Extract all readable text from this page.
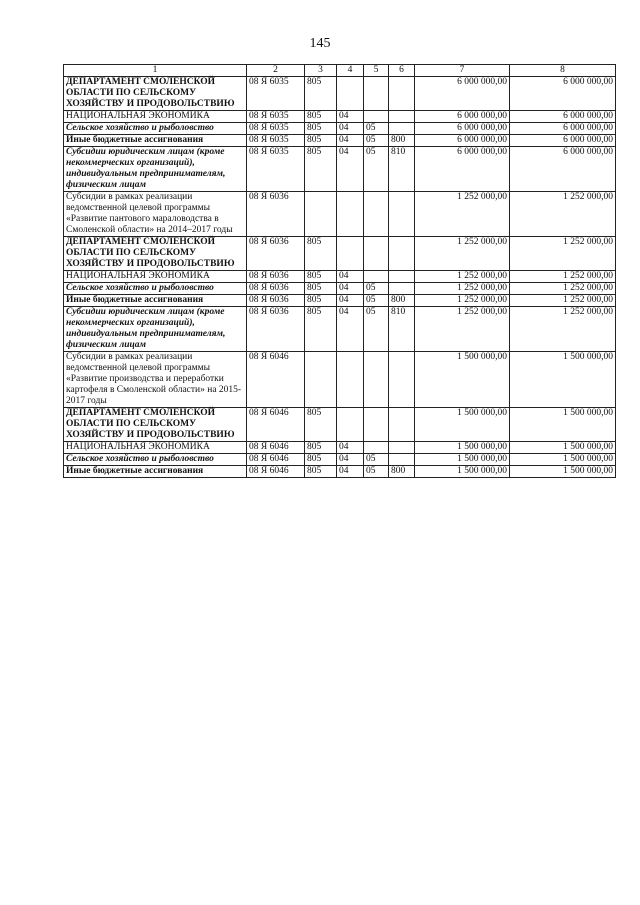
145
1	2	3	4	5	6	7	8
ДЕПАРТАМЕНТ СМОЛЕНСКОЙ ОБЛАСТИ ПО СЕЛЬСКОМУ ХОЗЯЙСТВУ И ПРОДОВОЛЬСТВИЮ	08 Я 6035	805				6 000 000,00	6 000 000,00
НАЦИОНАЛЬНАЯ ЭКОНОМИКА	08 Я 6035	805	04			6 000 000,00	6 000 000,00
Сельское хозяйство и рыболовство	08 Я 6035	805	04	05		6 000 000,00	6 000 000,00
Иные бюджетные ассигнования	08 Я 6035	805	04	05	800	6 000 000,00	6 000 000,00
Субсидии юридическим лицам (кроме некоммерческих организаций), индивидуальным предпринимателям, физическим лицам	08 Я 6035	805	04	05	810	6 000 000,00	6 000 000,00
Субсидии в рамках реализации ведомственной целевой программы «Развитие пантового мараловодства в Смоленской области» на 2014–2017 годы	08 Я 6036					1 252 000,00	1 252 000,00
ДЕПАРТАМЕНТ СМОЛЕНСКОЙ ОБЛАСТИ ПО СЕЛЬСКОМУ ХОЗЯЙСТВУ И ПРОДОВОЛЬСТВИЮ	08 Я 6036	805				1 252 000,00	1 252 000,00
НАЦИОНАЛЬНАЯ ЭКОНОМИКА	08 Я 6036	805	04			1 252 000,00	1 252 000,00
Сельское хозяйство и рыболовство	08 Я 6036	805	04	05		1 252 000,00	1 252 000,00
Иные бюджетные ассигнования	08 Я 6036	805	04	05	800	1 252 000,00	1 252 000,00
Субсидии юридическим лицам (кроме некоммерческих организаций), индивидуальным предпринимателям, физическим лицам	08 Я 6036	805	04	05	810	1 252 000,00	1 252 000,00
Субсидии в рамках реализации ведомственной целевой программы «Развитие производства и переработки картофеля в Смоленской области» на 2015-2017 годы	08 Я 6046					1 500 000,00	1 500 000,00
ДЕПАРТАМЕНТ СМОЛЕНСКОЙ ОБЛАСТИ ПО СЕЛЬСКОМУ ХОЗЯЙСТВУ И ПРОДОВОЛЬСТВИЮ	08 Я 6046	805				1 500 000,00	1 500 000,00
НАЦИОНАЛЬНАЯ ЭКОНОМИКА	08 Я 6046	805	04			1 500 000,00	1 500 000,00
Сельское хозяйство и рыболовство	08 Я 6046	805	04	05		1 500 000,00	1 500 000,00
Иные бюджетные ассигнования	08 Я 6046	805	04	05	800	1 500 000,00	1 500 000,00
